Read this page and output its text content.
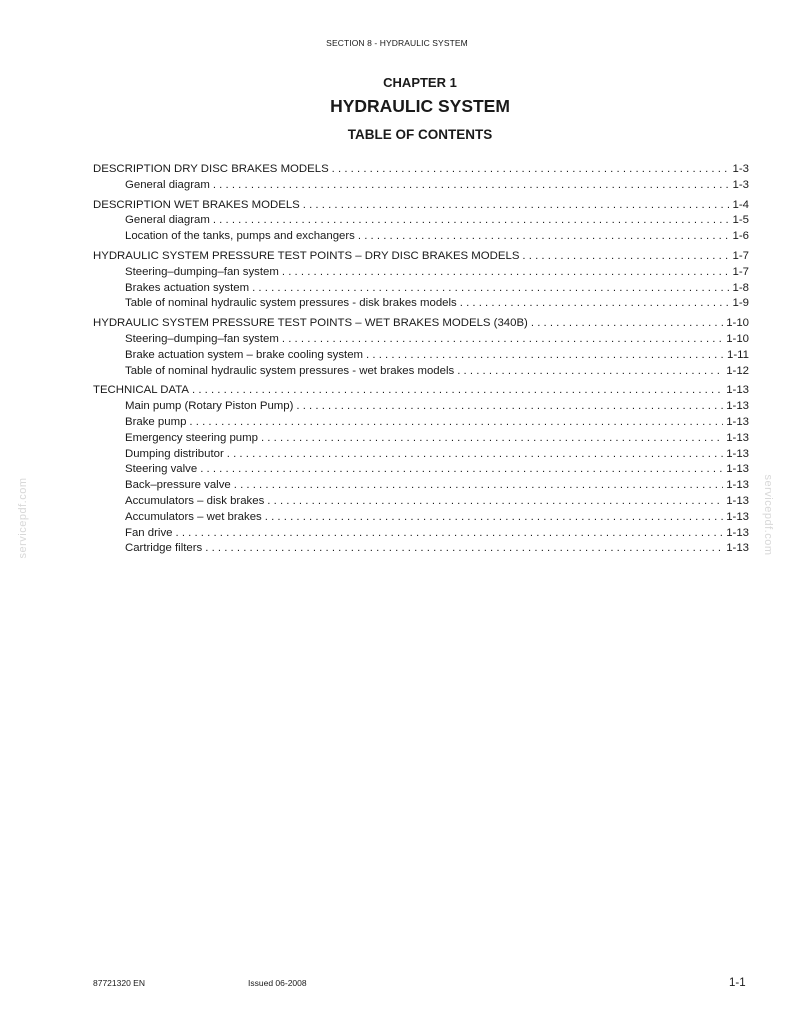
SECTION 8 - HYDRAULIC SYSTEM
CHAPTER 1
HYDRAULIC SYSTEM
TABLE OF CONTENTS
DESCRIPTION DRY DISC BRAKES MODELS . . .	1-3
General diagram . . .	1-3
DESCRIPTION WET BRAKES MODELS . . .	1-4
General diagram . . .	1-5
Location of the tanks, pumps and exchangers . . .	1-6
HYDRAULIC SYSTEM PRESSURE TEST POINTS – DRY DISC BRAKES MODELS . . .	1-7
Steering–dumping–fan system . . .	1-7
Brakes actuation system . . .	1-8
Table of nominal hydraulic system pressures - disk brakes models . . .	1-9
HYDRAULIC SYSTEM PRESSURE TEST POINTS – WET BRAKES MODELS (340B) . . .	1-10
Steering–dumping–fan system . . .	1-10
Brake actuation system – brake cooling system . . .	1-11
Table of nominal hydraulic system pressures - wet brakes models . . .	1-12
TECHNICAL DATA . . .	1-13
Main pump (Rotary Piston Pump) . . .	1-13
Brake pump . . .	1-13
Emergency steering pump . . .	1-13
Dumping distributor . . .	1-13
Steering valve . . .	1-13
Back–pressure valve . . .	1-13
Accumulators – disk brakes . . .	1-13
Accumulators – wet brakes . . .	1-13
Fan drive . . .	1-13
Cartridge filters . . .	1-13
servicepdf.com	servicepdf.com
87721320 EN	Issued 06-2008	1-1
